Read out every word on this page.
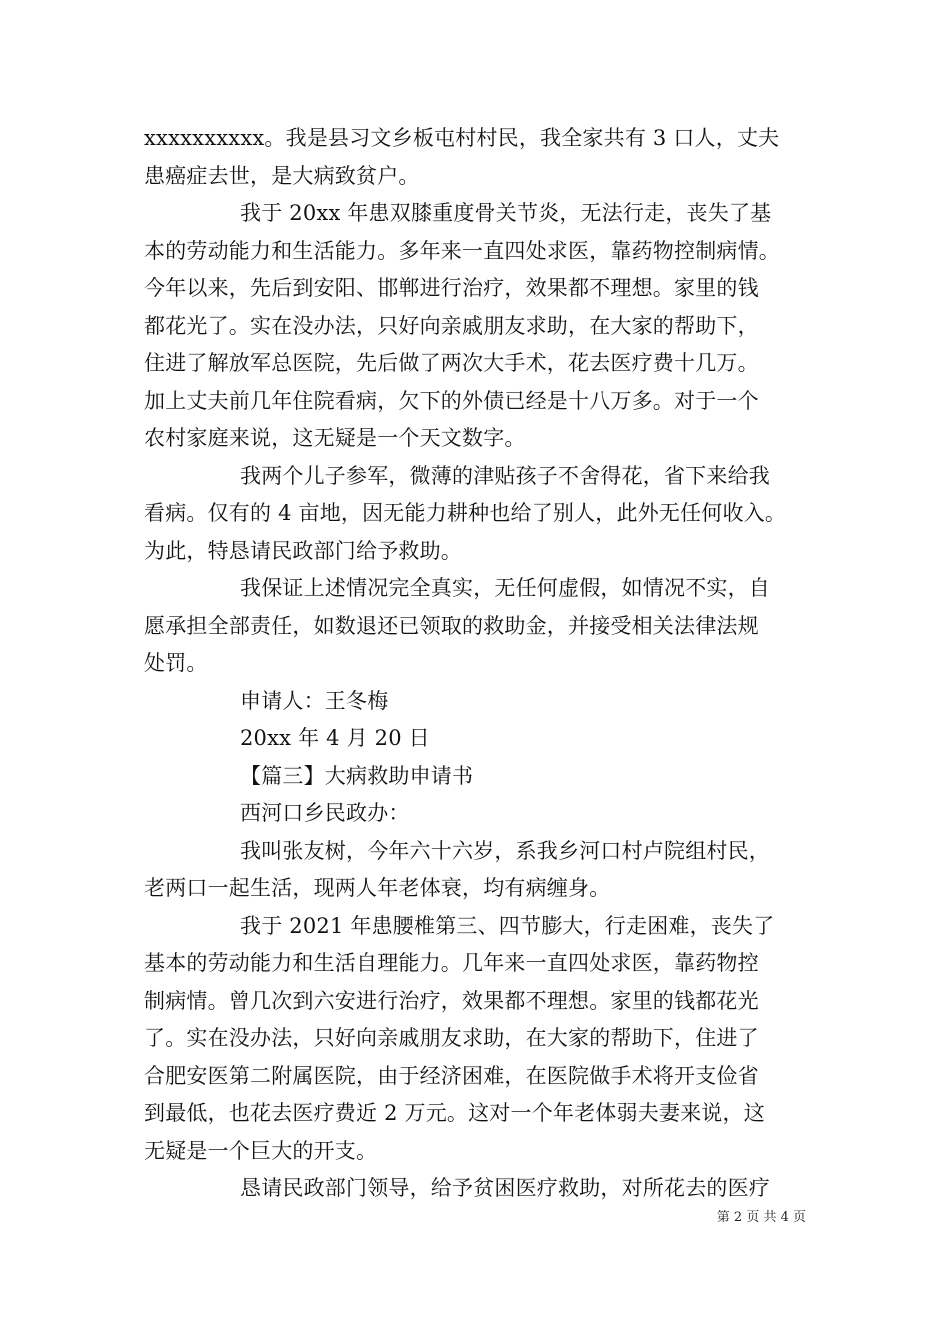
xxxxxxxxxx。我是县习文乡板屯村村民，我全家共有 3 口人，丈夫
患癌症去世，是大病致贫户。
我于 20xx 年患双膝重度骨关节炎，无法行走，丧失了基
本的劳动能力和生活能力。多年来一直四处求医，靠药物控制病情。
今年以来，先后到安阳、邯郸进行治疗，效果都不理想。家里的钱
都花光了。实在没办法，只好向亲戚朋友求助，在大家的帮助下，
住进了解放军总医院，先后做了两次大手术，花去医疗费十几万。
加上丈夫前几年住院看病，欠下的外债已经是十八万多。对于一个
农村家庭来说，这无疑是一个天文数字。
我两个儿子参军，微薄的津贴孩子不舍得花，省下来给我
看病。仅有的 4 亩地，因无能力耕种也给了别人，此外无任何收入。
为此，特恳请民政部门给予救助。
我保证上述情况完全真实，无任何虚假，如情况不实，自
愿承担全部责任，如数退还已领取的救助金，并接受相关法律法规
处罚。
申请人：王冬梅
20xx 年 4 月 20 日
【篇三】大病救助申请书
西河口乡民政办：
我叫张友树，今年六十六岁，系我乡河口村卢院组村民，
老两口一起生活，现两人年老体衰，均有病缠身。
我于 2021 年患腰椎第三、四节膨大，行走困难，丧失了
基本的劳动能力和生活自理能力。几年来一直四处求医，靠药物控
制病情。曾几次到六安进行治疗，效果都不理想。家里的钱都花光
了。实在没办法，只好向亲戚朋友求助，在大家的帮助下，住进了
合肥安医第二附属医院，由于经济困难，在医院做手术将开支俭省
到最低，也花去医疗费近 2 万元。这对一个年老体弱夫妻来说，这
无疑是一个巨大的开支。
恳请民政部门领导，给予贫困医疗救助，对所花去的医疗
第 2 页 共 4 页
